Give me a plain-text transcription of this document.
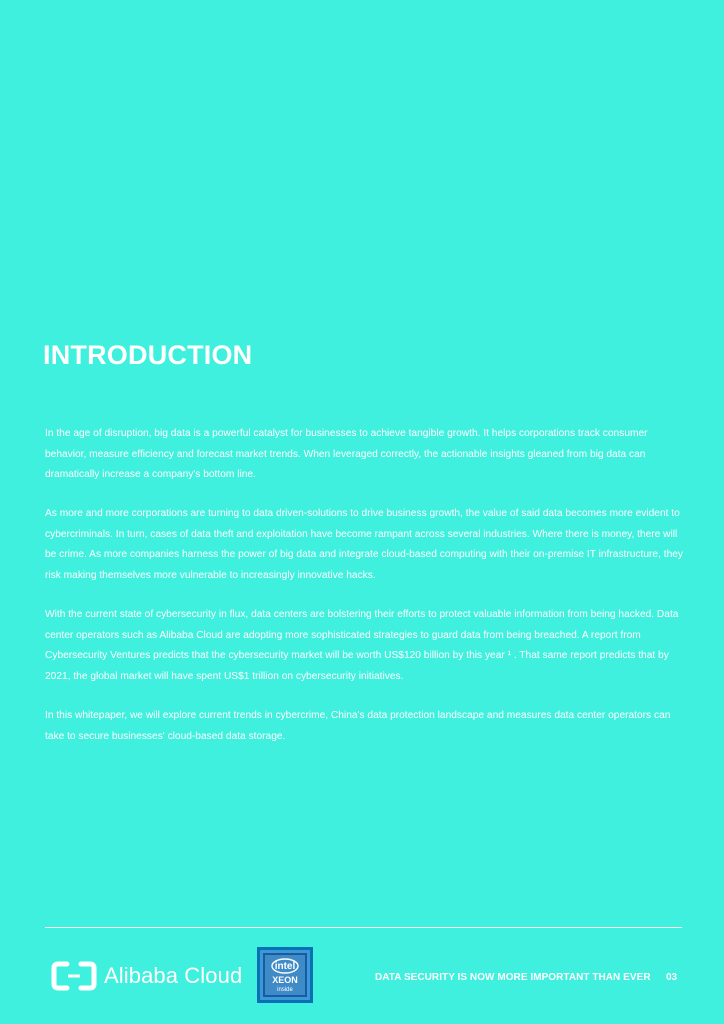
INTRODUCTION

In the age of disruption, big data is a powerful catalyst for businesses to achieve tangible growth. It helps corporations track consumer behavior, measure efficiency and forecast market trends. When leveraged correctly, the actionable insights gleaned from big data can dramatically increase a company's bottom line.

As more and more corporations are turning to data driven-solutions to drive business growth, the value of said data becomes more evident to cybercriminals. In turn, cases of data theft and exploitation have become rampant across several industries. Where there is money, there will be crime. As more companies harness the power of big data and integrate cloud-based computing with their on-premise IT infrastructure, they risk making themselves more vulnerable to increasingly innovative hacks.

With the current state of cybersecurity in flux, data centers are bolstering their efforts to protect valuable information from being hacked. Data center operators such as Alibaba Cloud are adopting more sophisticated strategies to guard data from being breached. A report from Cybersecurity Ventures predicts that the cybersecurity market will be worth US$120 billion by this year ¹ . That same report predicts that by 2021, the global market will have spent US$1 trillion on cybersecurity initiatives.

In this whitepaper, we will explore current trends in cybercrime, China's data protection landscape and measures data center operators can take to secure businesses' cloud-based data storage.

Alibaba Cloud	intel
XEON
inside
DATA SECURITY IS NOW MORE IMPORTANT THAN EVER 03
